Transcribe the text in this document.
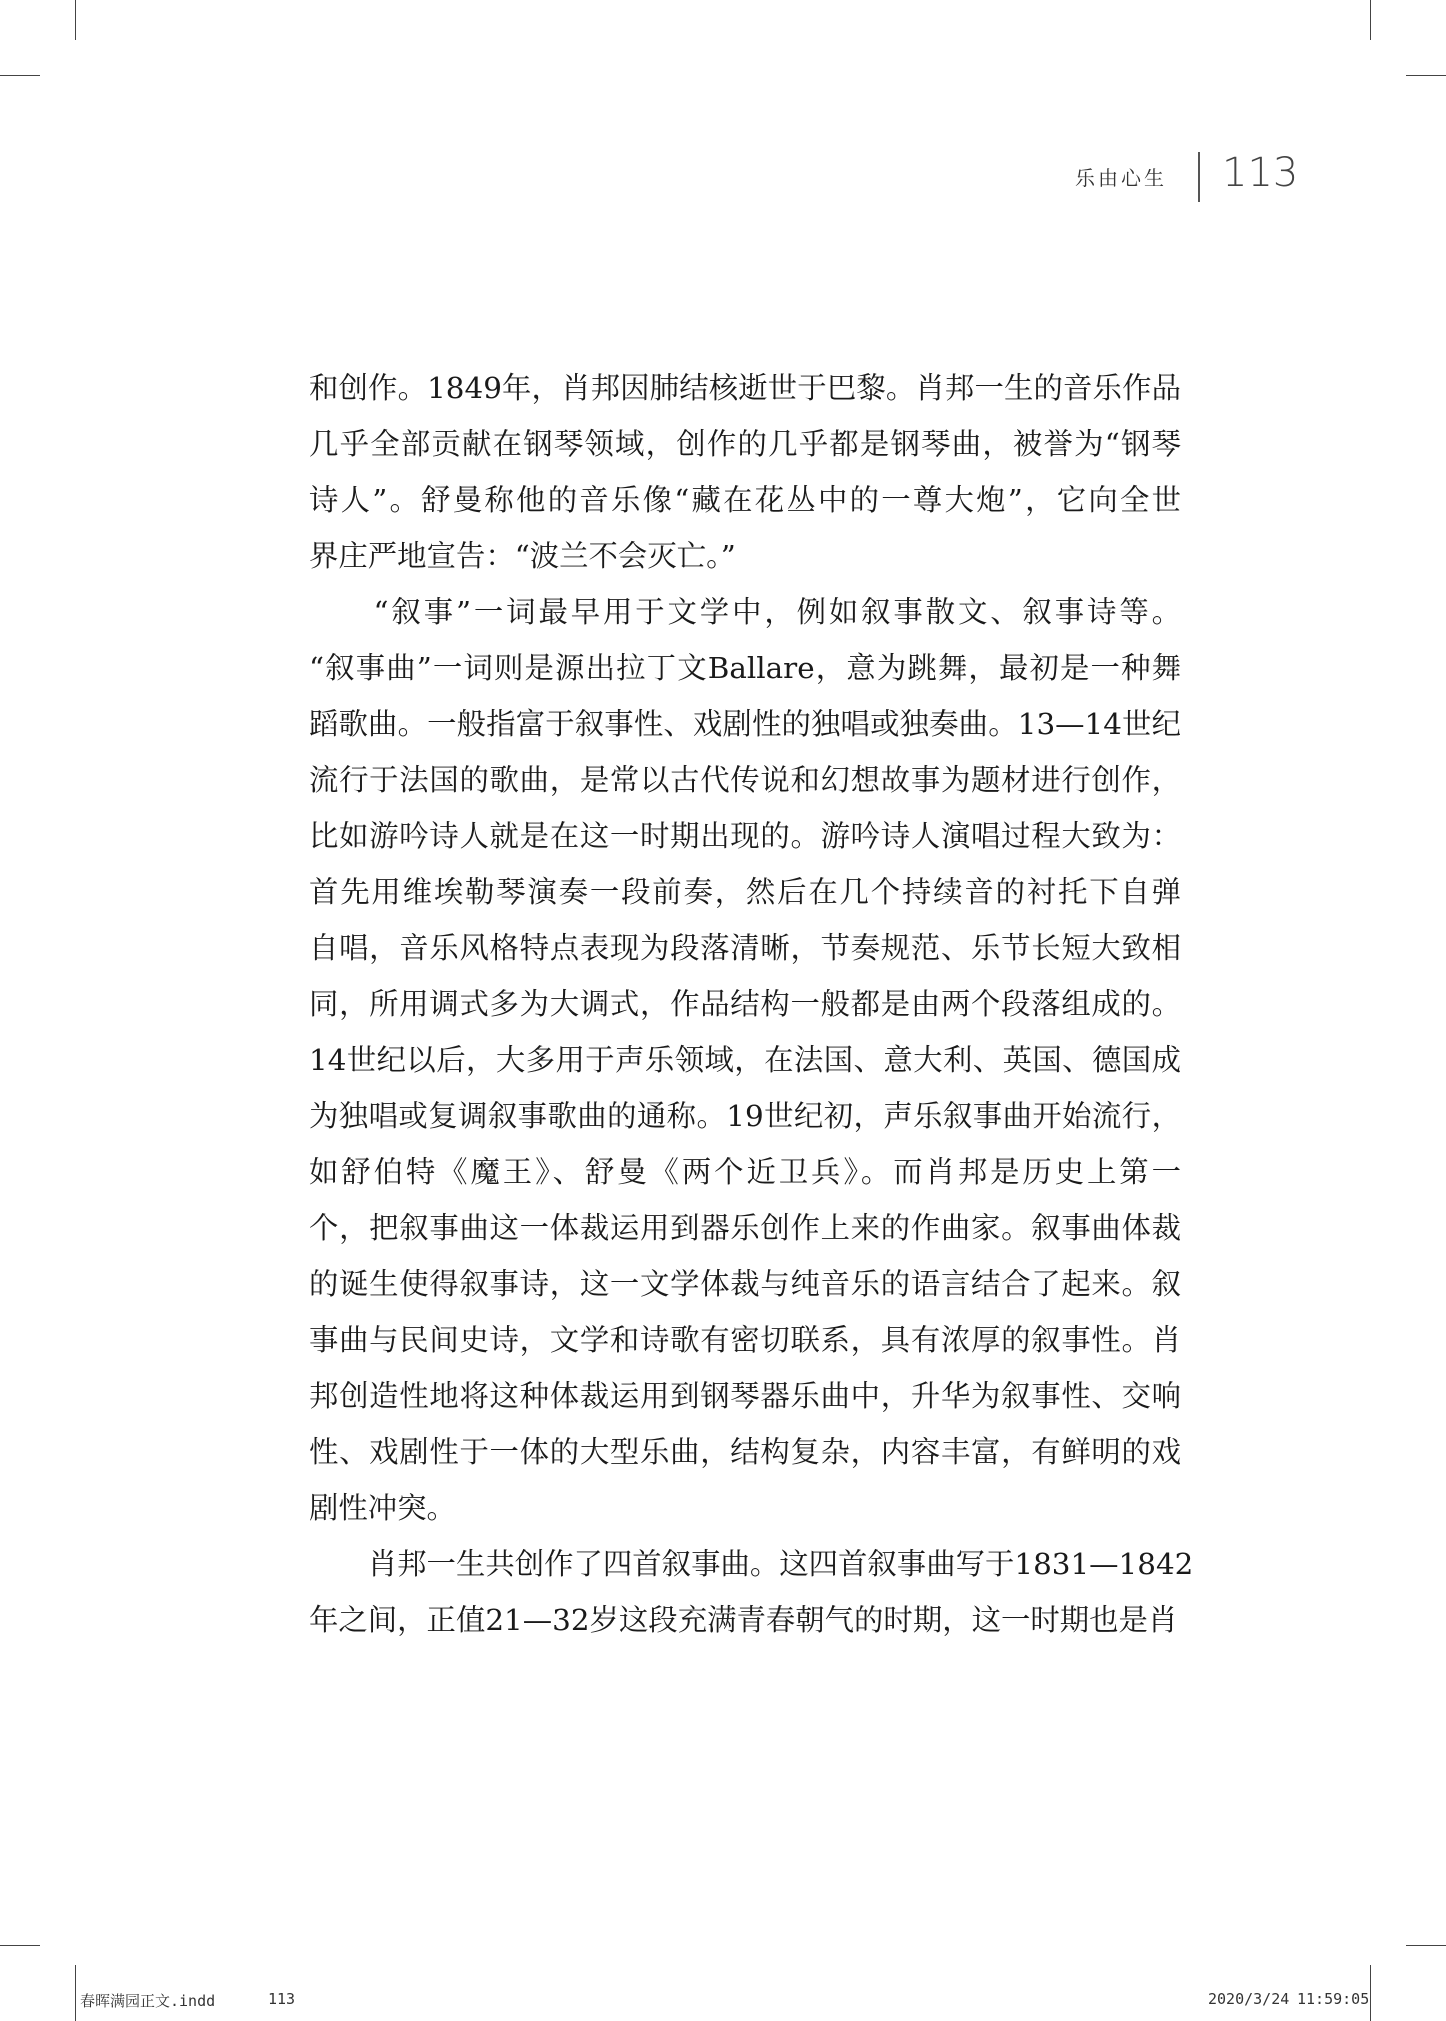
乐由心生 113
和创作。1849年，肖邦因肺结核逝世于巴黎。肖邦一生的音乐作品
几乎全部贡献在钢琴领域，创作的几乎都是钢琴曲，被誉为“钢琴
诗人”。舒曼称他的音乐像“藏在花丛中的一尊大炮”，它向全世
界庄严地宣告：“波兰不会灭亡。”
　　“叙事”一词最早用于文学中，例如叙事散文、叙事诗等。
“叙事曲”一词则是源出拉丁文Ballare，意为跳舞，最初是一种舞
蹈歌曲。一般指富于叙事性、戏剧性的独唱或独奏曲。13—14世纪
流行于法国的歌曲，是常以古代传说和幻想故事为题材进行创作，
比如游吟诗人就是在这一时期出现的。游吟诗人演唱过程大致为：
首先用维埃勒琴演奏一段前奏，然后在几个持续音的衬托下自弹
自唱，音乐风格特点表现为段落清晰，节奏规范、乐节长短大致相
同，所用调式多为大调式，作品结构一般都是由两个段落组成的。
14世纪以后，大多用于声乐领域，在法国、意大利、英国、德国成
为独唱或复调叙事歌曲的通称。19世纪初，声乐叙事曲开始流行，
如舒伯特《魔王》、舒曼《两个近卫兵》。而肖邦是历史上第一
个，把叙事曲这一体裁运用到器乐创作上来的作曲家。叙事曲体裁
的诞生使得叙事诗，这一文学体裁与纯音乐的语言结合了起来。叙
事曲与民间史诗，文学和诗歌有密切联系，具有浓厚的叙事性。肖
邦创造性地将这种体裁运用到钢琴器乐曲中，升华为叙事性、交响
性、戏剧性于一体的大型乐曲，结构复杂，内容丰富，有鲜明的戏
剧性冲突。
　　肖邦一生共创作了四首叙事曲。这四首叙事曲写于1831—1842
年之间，正值21—32岁这段充满青春朝气的时期，这一时期也是肖
春晖满园正文.indd	113	2020/3/24 11:59:05
